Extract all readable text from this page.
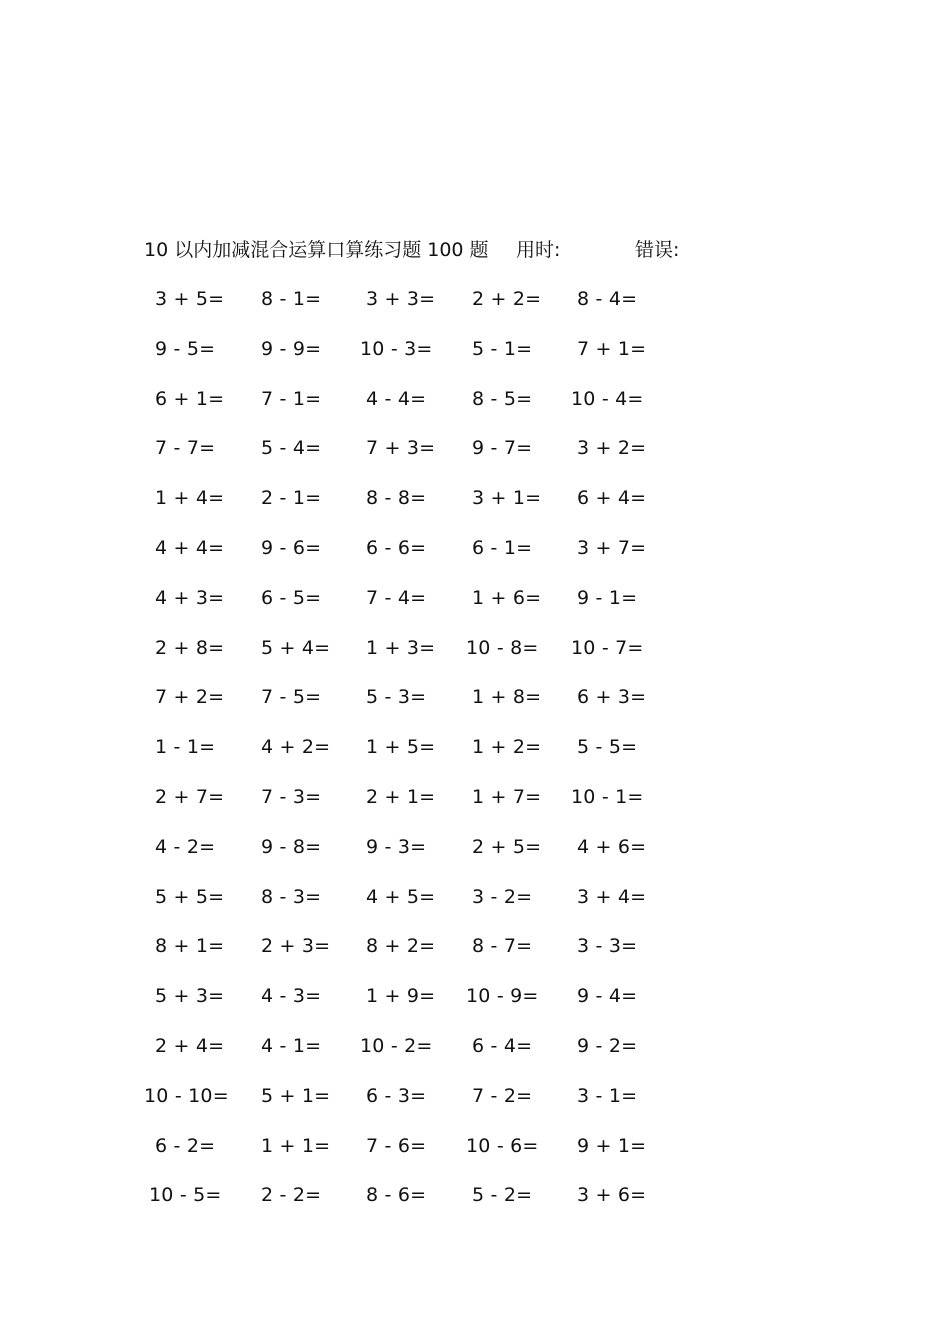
10 以内加减混合运算口算练习题 100 题 用时:	错误:
3 + 5= 8 - 1= 3 + 3= 2 + 2= 8 - 4=
9 - 5= 9 - 9= 10 - 3= 5 - 1= 7 + 1=
6 + 1= 7 - 1= 4 - 4= 8 - 5= 10 - 4=
7 - 7= 5 - 4= 7 + 3= 9 - 7= 3 + 2=
1 + 4= 2 - 1= 8 - 8= 3 + 1= 6 + 4=
4 + 4= 9 - 6= 6 - 6= 6 - 1= 3 + 7=
4 + 3= 6 - 5= 7 - 4= 1 + 6= 9 - 1=
2 + 8= 5 + 4= 1 + 3= 10 - 8= 10 - 7=
7 + 2= 7 - 5= 5 - 3= 1 + 8= 6 + 3=
1 - 1= 4 + 2= 1 + 5= 1 + 2= 5 - 5=
2 + 7= 7 - 3= 2 + 1= 1 + 7= 10 - 1=
4 - 2= 9 - 8= 9 - 3= 2 + 5= 4 + 6=
5 + 5= 8 - 3= 4 + 5= 3 - 2= 3 + 4=
8 + 1= 2 + 3= 8 + 2= 8 - 7= 3 - 3=
5 + 3= 4 - 3= 1 + 9= 10 - 9= 9 - 4=
2 + 4= 4 - 1= 10 - 2= 6 - 4= 9 - 2=
10 - 10= 5 + 1= 6 - 3= 7 - 2= 3 - 1=
6 - 2= 1 + 1= 7 - 6= 10 - 6= 9 + 1=
10 - 5= 2 - 2= 8 - 6= 5 - 2= 3 + 6=
